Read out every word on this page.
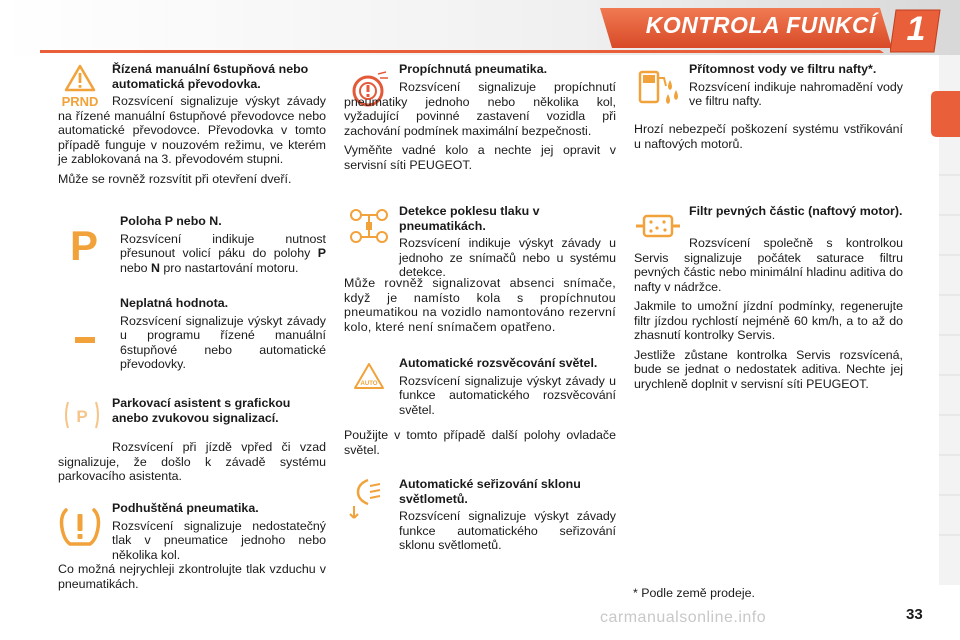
KONTROLA FUNKCÍ 1
PRND
Řízená manuální 6stupňová nebo automatická převodovka.

Rozsvícení signalizuje výskyt závady na řízené manuální 6stupňové převodovce nebo automatické převodovce. Převodovka v tomto případě funguje v nouzovém režimu, ve kterém je zablokovaná na 3. převodovém stupni.

Může se rovněž rozsvítit při otevření dveří.

P
Poloha P nebo N.

Rozsvícení indikuje nutnost přesunout volicí páku do polohy P nebo N pro nastartování motoru.

Neplatná hodnota.

Rozsvícení signalizuje výskyt závady u programu řízené manuální 6stupňové nebo automatické převodovky.

P
Parkovací asistent s grafickou anebo zvukovou signalizací.

Rozsvícení při jízdě vpřed či vzad signalizuje, že došlo k závadě systému parkovacího asistenta.

Podhuštěná pneumatika.

Rozsvícení signalizuje nedostatečný tlak v pneumatice jednoho nebo několika kol.

Co možná nejrychleji zkontrolujte tlak vzduchu v pneumatikách.

Propíchnutá pneumatika.

Rozsvícení signalizuje propíchnutí pneumatiky jednoho nebo několika kol, vyžadující povinné zastavení vozidla při zachování podmínek maximální bezpečnosti.

Vyměňte vadné kolo a nechte jej opravit v servisní síti PEUGEOT.

Detekce poklesu tlaku v pneumatikách.

Rozsvícení indikuje výskyt závady u jednoho ze snímačů nebo u systému detekce.

Může rovněž signalizovat absenci snímače, když je namísto kola s propíchnutou pneumatikou na vozidlo namontováno rezervní kolo, které není snímačem opatřeno.

AUTO
Automatické rozsvěcování světel.

Rozsvícení signalizuje výskyt závady u funkce automatického rozsvěcování světel.

Použijte v tomto případě další polohy ovladače světel.

Automatické seřizování sklonu světlometů.

Rozsvícení signalizuje výskyt závady funkce automatického seřizování sklonu světlometů.

Přítomnost vody ve filtru nafty*.

Rozsvícení indikuje nahromadění vody ve filtru nafty.

Hrozí nebezpečí poškození systému vstřikování u naftových motorů.

Filtr pevných částic (naftový motor).

Rozsvícení společně s kontrolkou Servis signalizuje počátek saturace filtru pevných částic nebo minimální hladinu aditiva do nafty v nádržce.

Jakmile to umožní jízdní podmínky, regenerujte filtr jízdou rychlostí nejméně 60 km/h, a to až do zhasnutí kontrolky Servis.

Jestliže zůstane kontrolka Servis rozsvícená, bude se jednat o nedostatek aditiva. Nechte jej urychleně doplnit v servisní síti PEUGEOT.

* Podle země prodeje.
carmanualsonline.info	33
